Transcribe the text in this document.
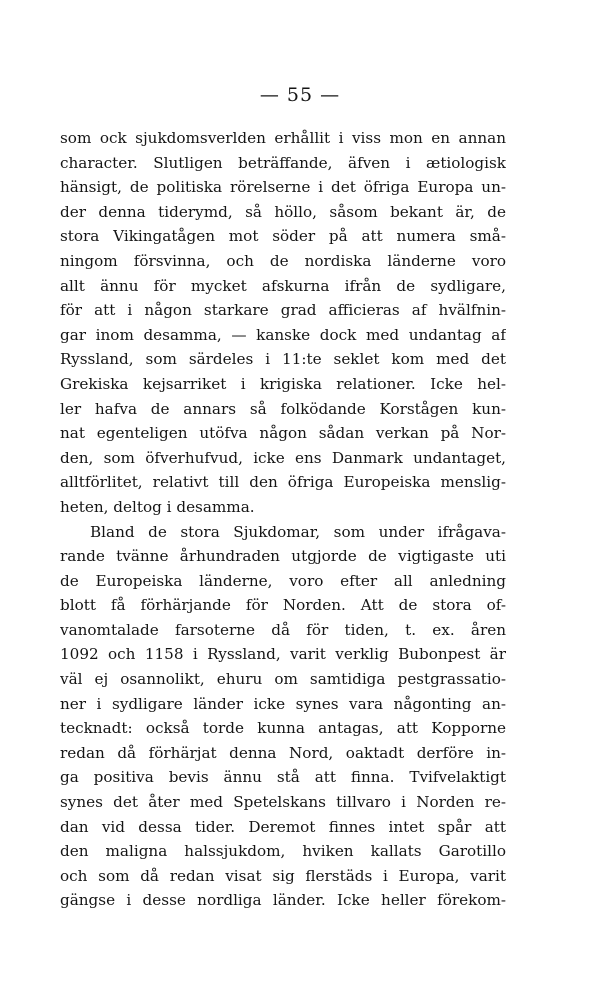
— 55 —
som ock sjukdomsverlden erhållit i viss mon en annan
character. Slutligen beträffande, äfven i ætiologisk
hänsigt, de politiska rörelserne i det öfriga Europa un-
der denna tiderymd, så höllo, såsom bekant är, de
stora Vikingatågen mot söder på att numera små-
ningom försvinna, och de nordiska länderne voro
allt ännu för mycket afskurna ifrån de sydligare,
för att i någon starkare grad afficieras af hvälfnin-
gar inom desamma, — kanske dock med undantag af
Ryssland, som särdeles i 11:te seklet kom med det
Grekiska kejsarriket i krigiska relationer. Icke hel-
ler hafva de annars så folködande Korstågen kun-
nat egenteligen utöfva någon sådan verkan på Nor-
den, som öfverhufvud, icke ens Danmark undantaget,
alltförlitet, relativt till den öfriga Europeiska menslig-
heten, deltog i desamma.
Bland de stora Sjukdomar, som under ifrågava-
rande tvänne århundraden utgjorde de vigtigaste uti
de Europeiska länderne, voro efter all anledning
blott få förhärjande för Norden. Att de stora of-
vanomtalade farsoterne då för tiden, t. ex. åren
1092 och 1158 i Ryssland, varit verklig Bubonpest är
väl ej osannolikt, ehuru om samtidiga pestgrassatio-
ner i sydligare länder icke synes vara någonting an-
tecknadt: också torde kunna antagas, att Kopporne
redan då förhärjat denna Nord, oaktadt derföre in-
ga positiva bevis ännu stå att finna. Tvifvelaktigt
synes det åter med Spetelskans tillvaro i Norden re-
dan vid dessa tider. Deremot finnes intet spår att
den maligna halssjukdom, hviken kallats Garotillo
och som då redan visat sig flerstäds i Europa, varit
gängse i desse nordliga länder. Icke heller förekom-
